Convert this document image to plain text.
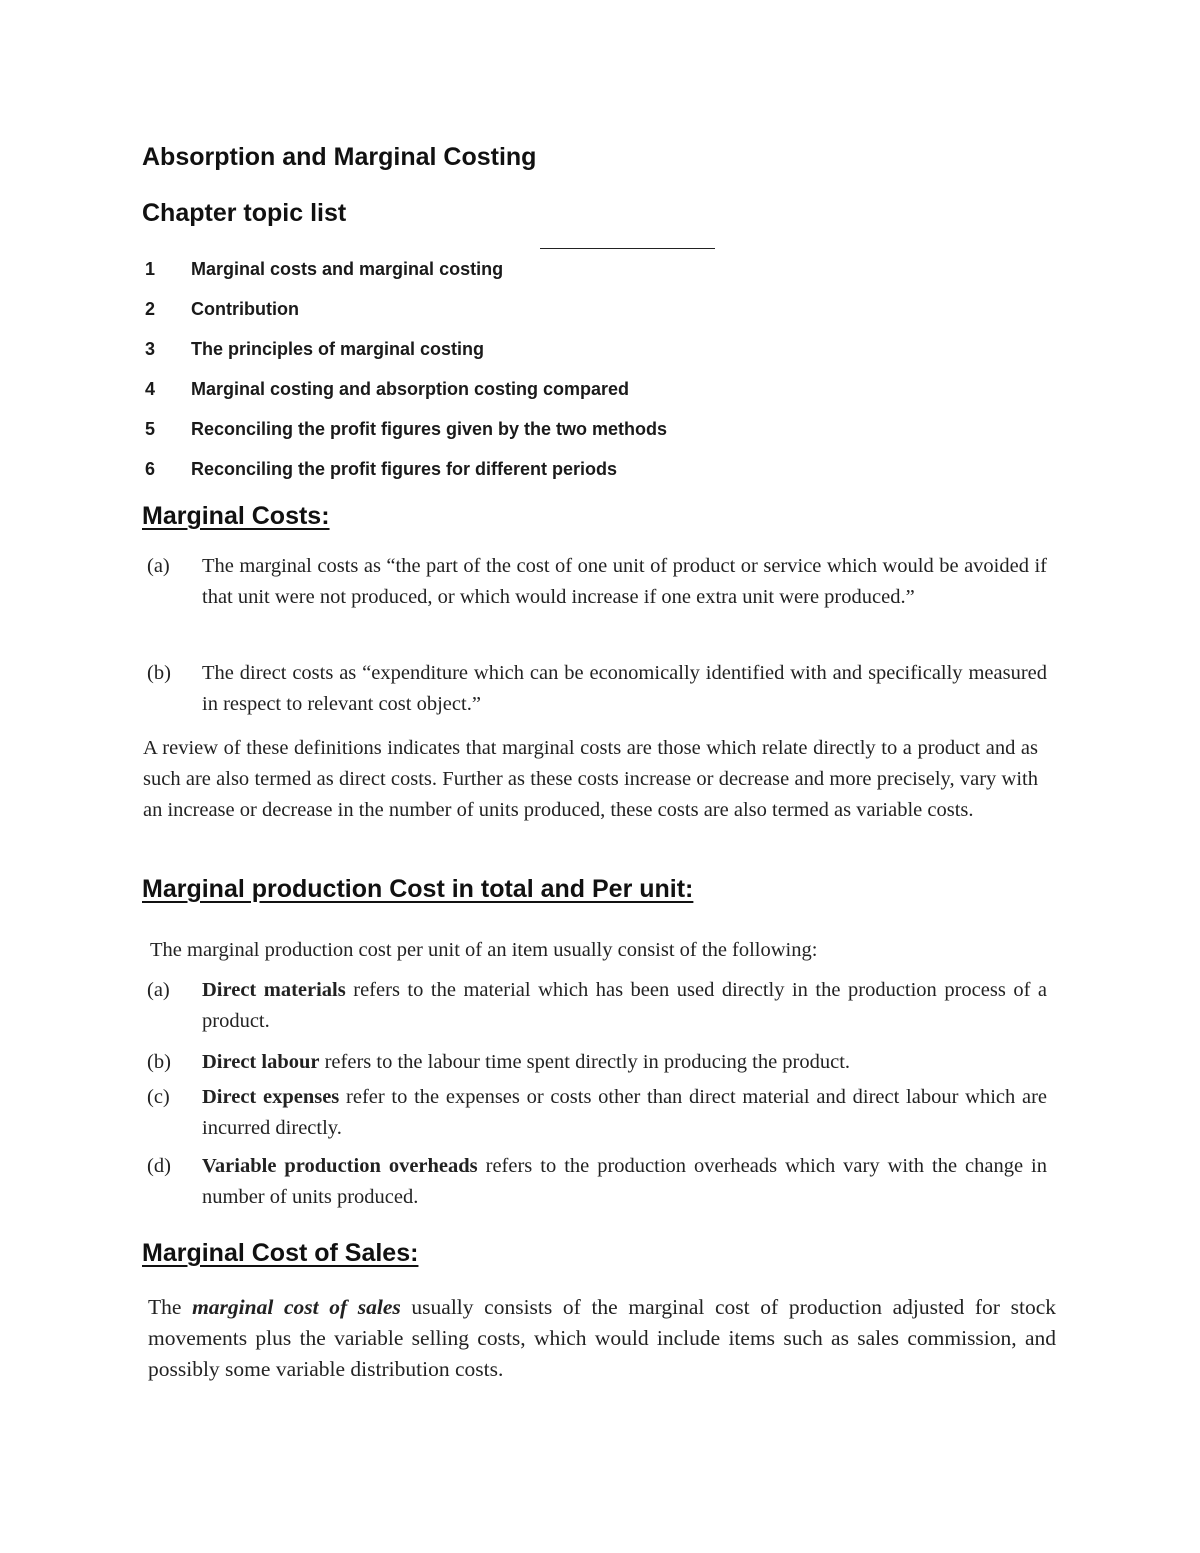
Absorption and Marginal Costing
Chapter topic list
1 Marginal costs and marginal costing
2 Contribution
3 The principles of marginal costing
4 Marginal costing and absorption costing compared
5 Reconciling the profit figures given by the two methods
6 Reconciling the profit figures for different periods
Marginal Costs:
(a) The marginal costs as “the part of the cost of one unit of product or service which would be avoided if that unit were not produced, or which would increase if one extra unit were produced.”
(b) The direct costs as “expenditure which can be economically identified with and specifically measured in respect to relevant cost object.”
A review of these definitions indicates that marginal costs are those which relate directly to a product and as such are also termed as direct costs. Further as these costs increase or decrease and more precisely, vary with an increase or decrease in the number of units produced, these costs are also termed as variable costs.
Marginal production Cost in total and Per unit:
The marginal production cost per unit of an item usually consist of the following:
(a) Direct materials refers to the material which has been used directly in the production process of a product.
(b) Direct labour refers to the labour time spent directly in producing the product.
(c) Direct expenses refer to the expenses or costs other than direct material and direct labour which are incurred directly.
(d) Variable production overheads refers to the production overheads which vary with the change in number of units produced.
Marginal Cost of Sales:
The marginal cost of sales usually consists of the marginal cost of production adjusted for stock movements plus the variable selling costs, which would include items such as sales commission, and possibly some variable distribution costs.
